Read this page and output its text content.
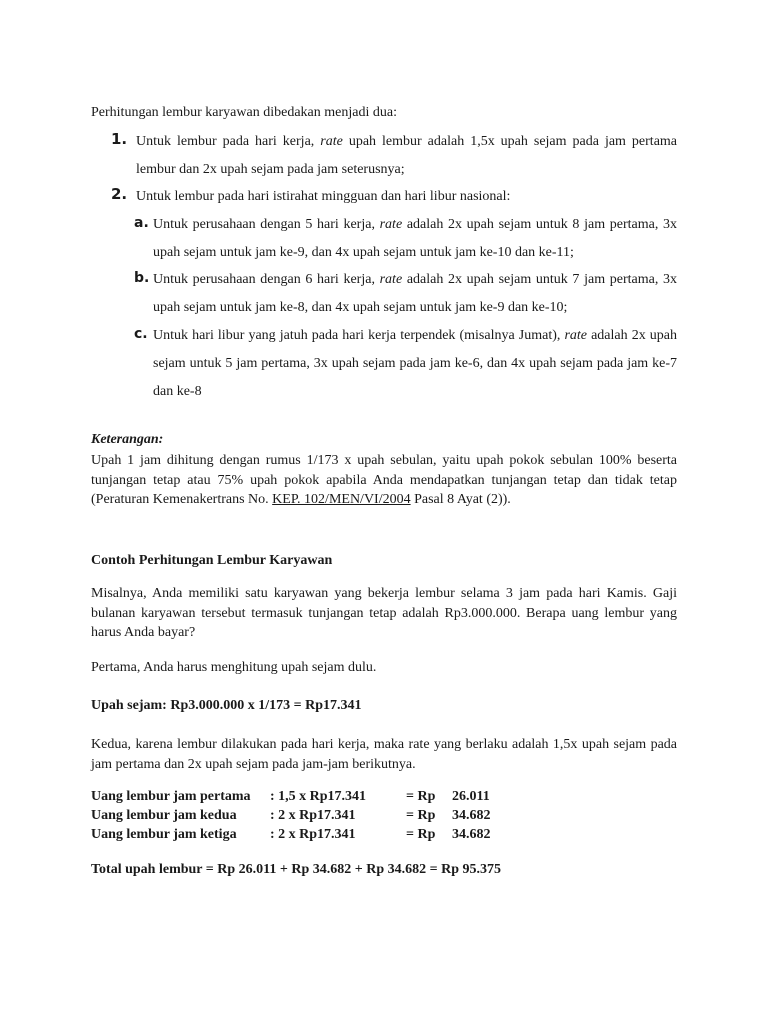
Perhitungan lembur karyawan dibedakan menjadi dua:
1. Untuk lembur pada hari kerja, rate upah lembur adalah 1,5x upah sejam pada jam pertama lembur dan 2x upah sejam pada jam seterusnya;
2. Untuk lembur pada hari istirahat mingguan dan hari libur nasional:
a. Untuk perusahaan dengan 5 hari kerja, rate adalah 2x upah sejam untuk 8 jam pertama, 3x upah sejam untuk jam ke-9, dan 4x upah sejam untuk jam ke-10 dan ke-11;
b. Untuk perusahaan dengan 6 hari kerja, rate adalah 2x upah sejam untuk 7 jam pertama, 3x upah sejam untuk jam ke-8, dan 4x upah sejam untuk jam ke-9 dan ke-10;
c. Untuk hari libur yang jatuh pada hari kerja terpendek (misalnya Jumat), rate adalah 2x upah sejam untuk 5 jam pertama, 3x upah sejam pada jam ke-6, dan 4x upah sejam pada jam ke-7 dan ke-8
Keterangan:
Upah 1 jam dihitung dengan rumus 1/173 x upah sebulan, yaitu upah pokok sebulan 100% beserta tunjangan tetap atau 75% upah pokok apabila Anda mendapatkan tunjangan tetap dan tidak tetap (Peraturan Kemenakertrans No. KEP. 102/MEN/VI/2004 Pasal 8 Ayat (2)).
Contoh Perhitungan Lembur Karyawan
Misalnya, Anda memiliki satu karyawan yang bekerja lembur selama 3 jam pada hari Kamis. Gaji bulanan karyawan tersebut termasuk tunjangan tetap adalah Rp3.000.000. Berapa uang lembur yang harus Anda bayar?
Pertama, Anda harus menghitung upah sejam dulu.
Upah sejam: Rp3.000.000 x 1/173 = Rp17.341
Kedua, karena lembur dilakukan pada hari kerja, maka rate yang berlaku adalah 1,5x upah sejam pada jam pertama dan 2x upah sejam pada jam-jam berikutnya.
Uang lembur jam pertama	: 1,5 x Rp17.341	= Rp	26.011
Uang lembur jam kedua	: 2 x Rp17.341	= Rp	34.682
Uang lembur jam ketiga	: 2 x Rp17.341	= Rp	34.682
Total upah lembur = Rp 26.011 + Rp 34.682 + Rp 34.682 = Rp 95.375
